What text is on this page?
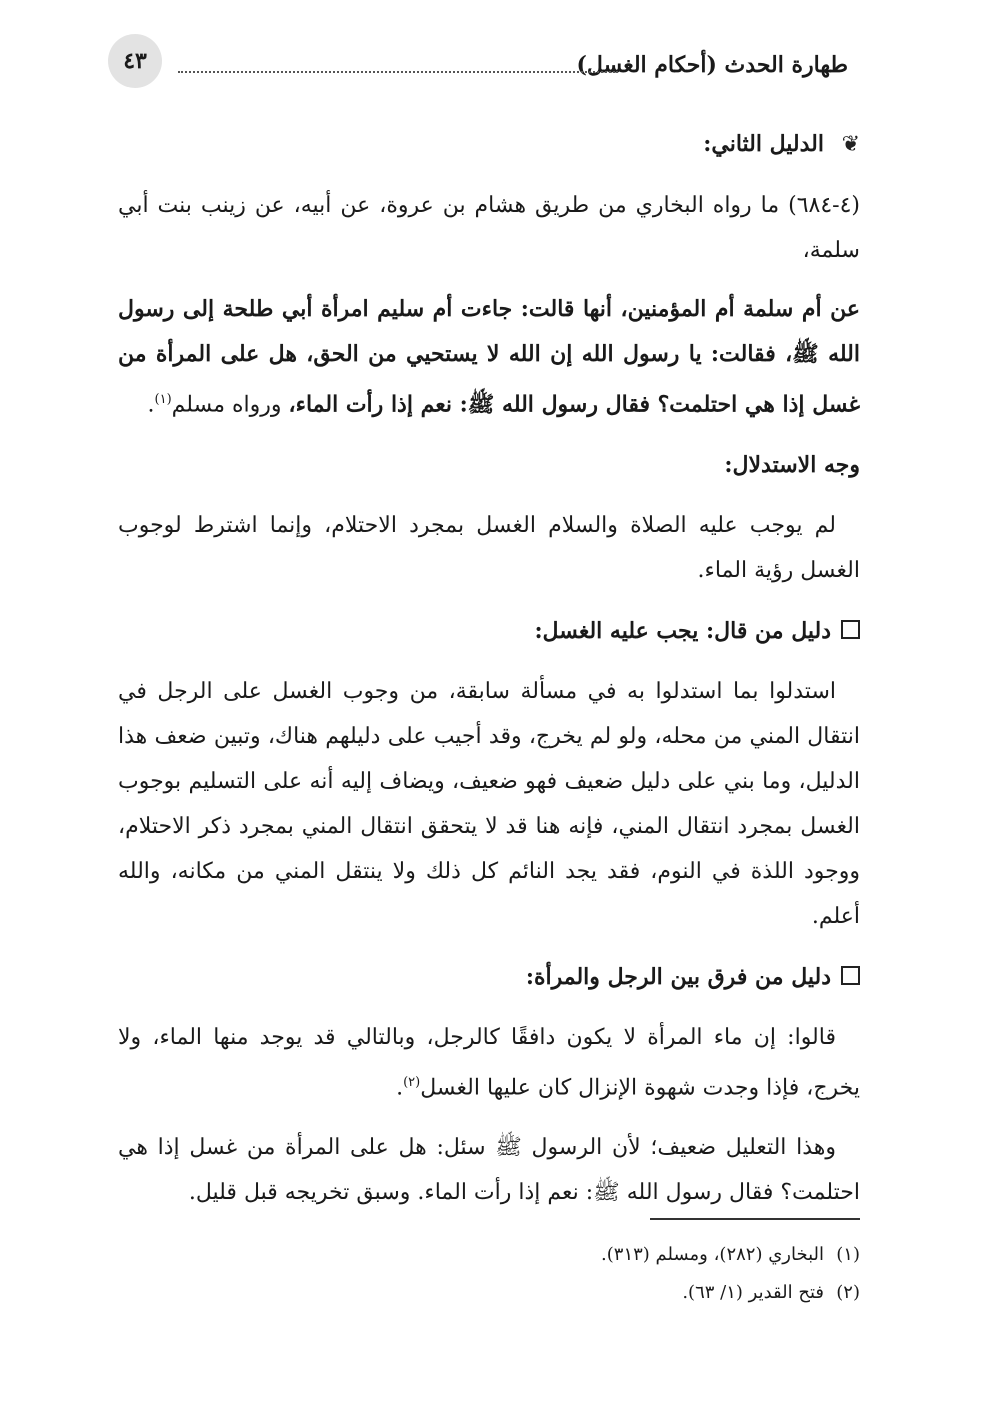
طهارة الحدث (أحكام الغسل)
٤٣
❦الدليل الثاني:
(٤-٦٨٤) ما رواه البخاري من طريق هشام بن عروة، عن أبيه، عن زينب بنت أبي سلمة،
عن أم سلمة أم المؤمنين، أنها قالت: جاءت أم سليم امرأة أبي طلحة إلى رسول الله ﷺ، فقالت: يا رسول الله إن الله لا يستحيي من الحق، هل على المرأة من غسل إذا هي احتلمت؟ فقال رسول الله ﷺ: نعم إذا رأت الماء، ورواه مسلم$^{(١)}$.
وجه الاستدلال:
لم يوجب عليه الصلاة والسلام الغسل بمجرد الاحتلام، وإنما اشترط لوجوب الغسل رؤية الماء.
دليل من قال: يجب عليه الغسل:
استدلوا بما استدلوا به في مسألة سابقة، من وجوب الغسل على الرجل في انتقال المني من محله، ولو لم يخرج، وقد أجيب على دليلهم هناك، وتبين ضعف هذا الدليل، وما بني على دليل ضعيف فهو ضعيف، ويضاف إليه أنه على التسليم بوجوب الغسل بمجرد انتقال المني، فإنه هنا قد لا يتحقق انتقال المني بمجرد ذكر الاحتلام، ووجود اللذة في النوم، فقد يجد النائم كل ذلك ولا ينتقل المني من مكانه، والله أعلم.
دليل من فرق بين الرجل والمرأة:
قالوا: إن ماء المرأة لا يكون دافقًا كالرجل، وبالتالي قد يوجد منها الماء، ولا يخرج، فإذا وجدت شهوة الإنزال كان عليها الغسل$^{(٢)}$.
وهذا التعليل ضعيف؛ لأن الرسول ﷺ سئل: هل على المرأة من غسل إذا هي احتلمت؟ فقال رسول الله ﷺ: نعم إذا رأت الماء. وسبق تخريجه قبل قليل.
(١)البخاري (٢٨٢)، ومسلم (٣١٣).
(٢)فتح القدير (١/ ٦٣).
